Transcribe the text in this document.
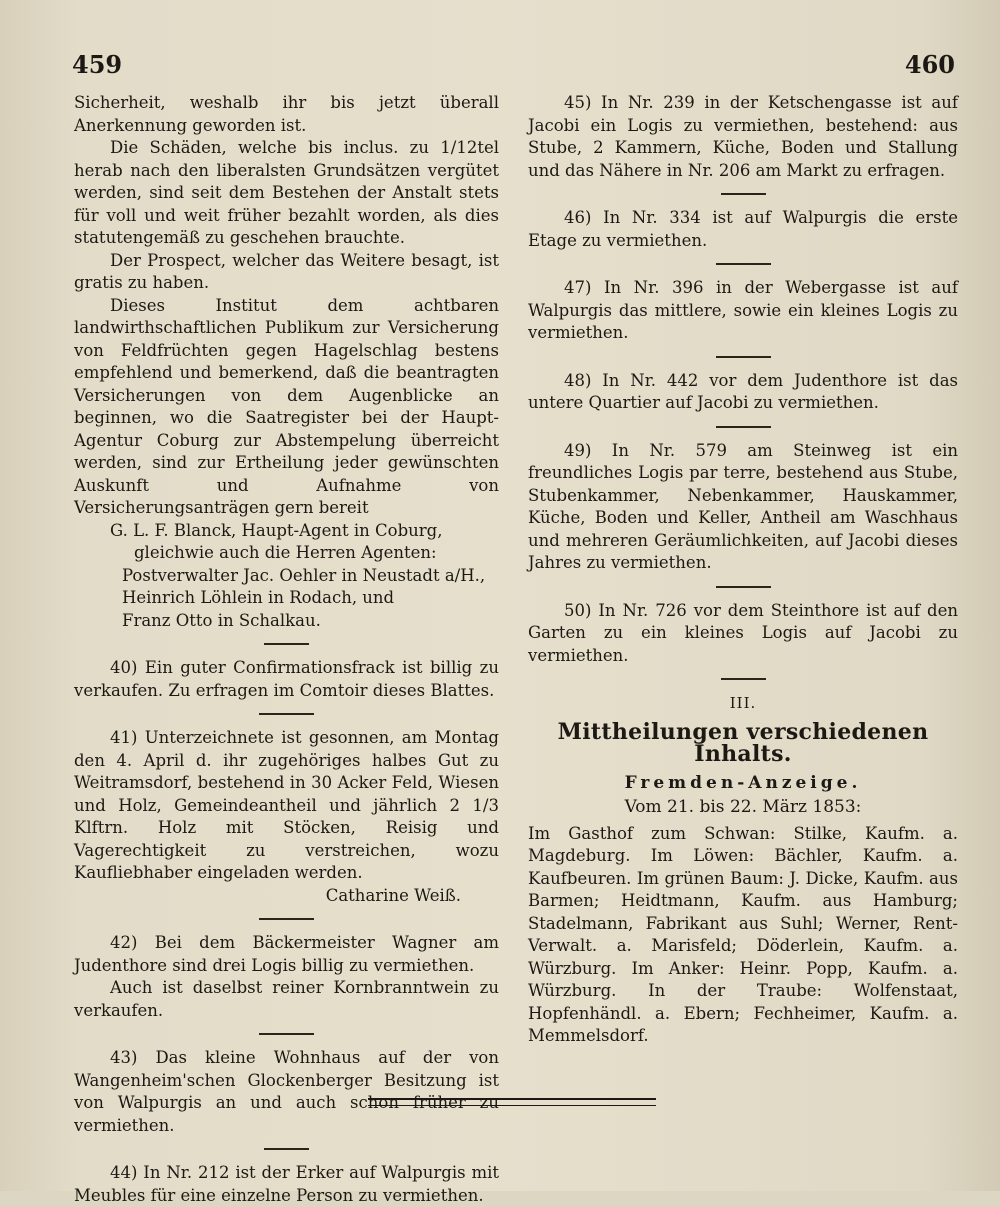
459	460

Sicherheit, weshalb ihr bis jetzt überall Anerkennung geworden ist.

Die Schäden, welche bis inclus. zu 1/12tel herab nach den liberalsten Grundsätzen vergütet werden, sind seit dem Bestehen der Anstalt stets für voll und weit früher bezahlt worden, als dies statutengemäß zu geschehen brauchte.

Der Prospect, welcher das Weitere besagt, ist gratis zu haben.

Dieses Institut dem achtbaren landwirthschaftlichen Publikum zur Versicherung von Feldfrüchten gegen Hagelschlag bestens empfehlend und bemerkend, daß die beantragten Versicherungen von dem Augenblicke an beginnen, wo die Saatregister bei der Haupt-Agentur Coburg zur Abstempelung überreicht werden, sind zur Ertheilung jeder gewünschten Auskunft und Aufnahme von Versicherungsanträgen gern bereit

G. L. F. Blanck, Haupt-Agent in Coburg,

gleichwie auch die Herren Agenten:

Postverwalter Jac. Oehler in Neustadt a/H.,

Heinrich Löhlein in Rodach, und

Franz Otto in Schalkau.

40) Ein guter Confirmationsfrack ist billig zu verkaufen. Zu erfragen im Comtoir dieses Blattes.

41) Unterzeichnete ist gesonnen, am Montag den 4. April d. ihr zugehöriges halbes Gut zu Weitramsdorf, bestehend in 30 Acker Feld, Wiesen und Holz, Gemeindeantheil und jährlich 2 1/3 Klftrn. Holz mit Stöcken, Reisig und Vagerechtigkeit zu verstreichen, wozu Kaufliebhaber eingeladen werden.

Catharine Weiß.

42) Bei dem Bäckermeister Wagner am Judenthore sind drei Logis billig zu vermiethen.

Auch ist daselbst reiner Kornbranntwein zu verkaufen.

43) Das kleine Wohnhaus auf der von Wangenheim'schen Glockenberger Besitzung ist von Walpurgis an und auch schon früher zu vermiethen.

44) In Nr. 212 ist der Erker auf Walpurgis mit Meubles für eine einzelne Person zu vermiethen.

45) In Nr. 239 in der Ketschengasse ist auf Jacobi ein Logis zu vermiethen, bestehend: aus Stube, 2 Kammern, Küche, Boden und Stallung und das Nähere in Nr. 206 am Markt zu erfragen.

46) In Nr. 334 ist auf Walpurgis die erste Etage zu vermiethen.

47) In Nr. 396 in der Webergasse ist auf Walpurgis das mittlere, sowie ein kleines Logis zu vermiethen.

48) In Nr. 442 vor dem Judenthore ist das untere Quartier auf Jacobi zu vermiethen.

49) In Nr. 579 am Steinweg ist ein freundliches Logis par terre, bestehend aus Stube, Stubenkammer, Nebenkammer, Hauskammer, Küche, Boden und Keller, Antheil am Waschhaus und mehreren Geräumlichkeiten, auf Jacobi dieses Jahres zu vermiethen.

50) In Nr. 726 vor dem Steinthore ist auf den Garten zu ein kleines Logis auf Jacobi zu vermiethen.

III.

Mittheilungen verschiedenen Inhalts.

Fremden-Anzeige.

Vom 21. bis 22. März 1853:

Im Gasthof zum Schwan: Stilke, Kaufm. a. Magdeburg. Im Löwen: Bächler, Kaufm. a. Kaufbeuren. Im grünen Baum: J. Dicke, Kaufm. aus Barmen; Heidtmann, Kaufm. aus Hamburg; Stadelmann, Fabrikant aus Suhl; Werner, Rent-Verwalt. a. Marisfeld; Döderlein, Kaufm. a. Würzburg. Im Anker: Heinr. Popp, Kaufm. a. Würzburg. In der Traube: Wolfenstaat, Hopfenhändl. a. Ebern; Fechheimer, Kaufm. a. Memmelsdorf.
